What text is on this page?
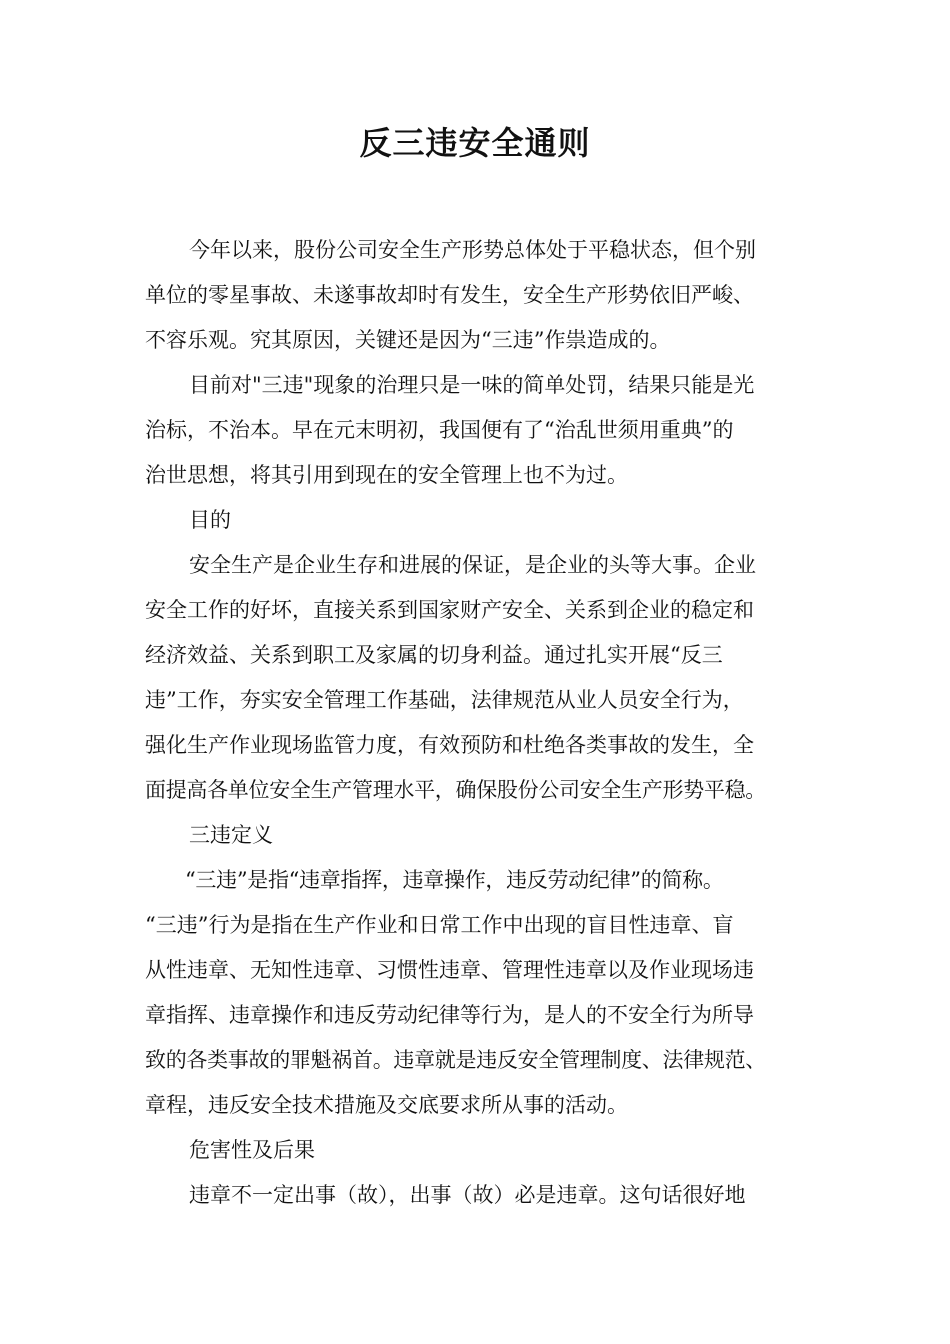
反三违安全通则
今年以来，股份公司安全生产形势总体处于平稳状态，但个别
单位的零星事故、未遂事故却时有发生，安全生产形势依旧严峻、
不容乐观。究其原因，关键还是因为“三违”作祟造成的。
目前对"三违"现象的治理只是一味的简单处罚，结果只能是光
治标，不治本。早在元末明初，我国便有了“治乱世须用重典”的
治世思想，将其引用到现在的安全管理上也不为过。
目的
安全生产是企业生存和进展的保证，是企业的头等大事。企业
安全工作的好坏，直接关系到国家财产安全、关系到企业的稳定和
经济效益、关系到职工及家属的切身利益。通过扎实开展“反三
违”工作，夯实安全管理工作基础，法律规范从业人员安全行为，
强化生产作业现场监管力度，有效预防和杜绝各类事故的发生，全
面提高各单位安全生产管理水平，确保股份公司安全生产形势平稳。
三违定义
“三违”是指“违章指挥，违章操作，违反劳动纪律”的简称。
“三违”行为是指在生产作业和日常工作中出现的盲目性违章、盲
从性违章、无知性违章、习惯性违章、管理性违章以及作业现场违
章指挥、违章操作和违反劳动纪律等行为，是人的不安全行为所导
致的各类事故的罪魁祸首。违章就是违反安全管理制度、法律规范、
章程，违反安全技术措施及交底要求所从事的活动。
危害性及后果
违章不一定出事（故），出事（故）必是违章。这句话很好地
